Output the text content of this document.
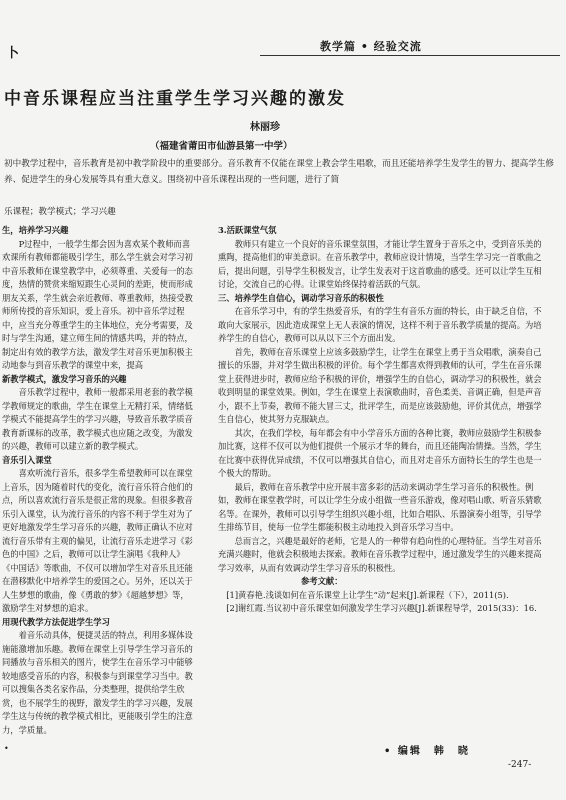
卜	教学篇 • 经验交流
中音乐课程应当注重学生学习兴趣的激发
林丽珍
（福建省莆田市仙游县第一中学）
初中教学过程中，音乐教育是初中教学阶段中的重要部分。音乐教育不仅能在课堂上教会学生唱歌，而且还能培养学生发学生的智力、提高学生修养、促进学生的身心发展等具有重大意义。围绕初中音乐课程出现的一些问题，进行了简
乐课程；教学模式；学习兴趣

生，培养学习兴趣

P过程中，一般学生都会因为喜欢某个教师而喜欢课所有教师都能吸引学生，那么学生就会对学习初中音乐教师在课堂教学中，必须尊重、关爱每一的态度，热情的赞赏来缩短跟生心灵间的差距，使而形成朋友关系，学生就会亲近教师、尊重教师，热接受教师所传授的音乐知识，爱上音乐。初中音乐学过程中，应当充分尊重学生的主体地位，充分考需要，及时与学生沟通，建立师生间的情感共鸣，并的特点，制定出有效的教学方法，激发学生对音乐更加积极主动地参与到音乐教学的课堂中来，提高

新教学模式，激发学习音乐的兴趣

音乐教学过程中，教师一般都采用老套的教学模学教师规定的歌曲，学生在课堂上无精打采，情绪低学模式不能提高学生的学习兴趣，导致音乐教学质音教育新课标的改革，教学模式也应随之改变，为激发的兴趣，教师可以建立新的教学模式。

音乐引入课堂

喜欢听流行音乐，很多学生希望教师可以在课堂上音乐，因为随着时代的变化，流行音乐符合他们的点，所以喜欢流行音乐是很正常的现象。但很多教音乐引入课堂，认为流行音乐的内容不利于学生对为了更好地激发学生学习音乐的兴趣，教师正确认不应对流行音乐带有主观的偏见，让流行音乐走进学习《彩色的中国》之后，教师可以让学生演唱《我种人》《中国话》等歌曲，不仅可以增加学生对音乐且还能在潜移默化中培养学生的爱国之心。另外，还以关于人生梦想的歌曲，像《勇敢的梦》《超越梦想》等，激励学生对梦想的追求。

用现代教学方法促进学生学习

着音乐动具体，便捷灵活的特点，利用多媒体设施能激增加乐趣。教师在课堂上引导学生学习音乐的同播放与音乐相关的图片，使学生在音乐学习中能够较地感受音乐的内容，积极参与到课堂学习当中。教可以搜集各类名家作品，分类整理，提供给学生欣赏，也不展学生的视野，激发学生的学习兴趣，发展学生这与传统的教学模式相比，更能吸引学生的注意力，学质量。

3.活跃课堂气氛

教师只有建立一个良好的音乐课堂氛围，才能让学生置身于音乐之中，受到音乐美的熏陶，提高他们的审美意识。在音乐教学中，教师应设计情境，当学生学习完一首歌曲之后，提出问题，引导学生积极发言，让学生发表对于这首歌曲的感受。还可以让学生互相讨论，交流自己的心得。让课堂始终保持着活跃的气氛。

三、培养学生自信心，调动学习音乐的积极性

在音乐学习中，有的学生热爱音乐，有的学生有音乐方面的特长，由于缺乏自信，不敢向大家展示，因此造成课堂上无人表演的情况，这样不利于音乐教学质量的提高。为培养学生的自信心，教师可以从以下三个方面出发。

首先，教师在音乐课堂上应该多鼓励学生，让学生在课堂上勇于当众唱歌，演奏自己擅长的乐器，并对学生做出积极的评价。每个学生都喜欢得到教师的认可，学生在音乐课堂上获得进步时，教师应给予积极的评价，增强学生的自信心，调动学习的积极性，就会收到明显的课堂效果。例如，学生在课堂上表演歌曲时，音色柔美、音调正确，但是声音小，跟不上节奏，教师不能大冒三丈，批评学生，而是应该鼓励他，评价其优点，增强学生自信心，使其努力克服缺点。

其次，在我们学校，每年都会有中小学音乐方面的各种比赛，教师应鼓励学生积极参加比赛，这样不仅可以为他们提供一个展示才华的舞台，而且还能陶冶情操。当然，学生在比赛中获得优异成绩，不仅可以增强其自信心，而且对走音乐方面特长生的学生也是一个极大的帮助。

最后，教师在音乐教学中应开展丰富多彩的活动来调动学生学习音乐的积极性。例如，教师在课堂教学时，可以让学生分成小组做一些音乐游戏，像对唱山歌、听音乐猜歌名等。在课外，教师可以引导学生组织兴趣小组，比如合唱队、乐器演奏小组等，引导学生排练节目，使每一位学生都能积极主动地投入到音乐学习当中。

总而言之，兴趣是最好的老师，它是人的一种带有趋向性的心理特征。当学生对音乐充满兴趣时，他就会积极地去探索。教师在音乐教学过程中，通过激发学生的兴趣来提高学习效率，从而有效调动学生学习音乐的积极性。

参考文献：

[1]黄春艳.浅谈如何在音乐课堂上让学生“动”起来[J].新课程（下），2011(5).

[2]谢红霞.当议初中音乐课堂如何激发学生学习兴趣[J].新课程导学，2015(33)：16.

•	• 编辑　韩　晓
-247-
